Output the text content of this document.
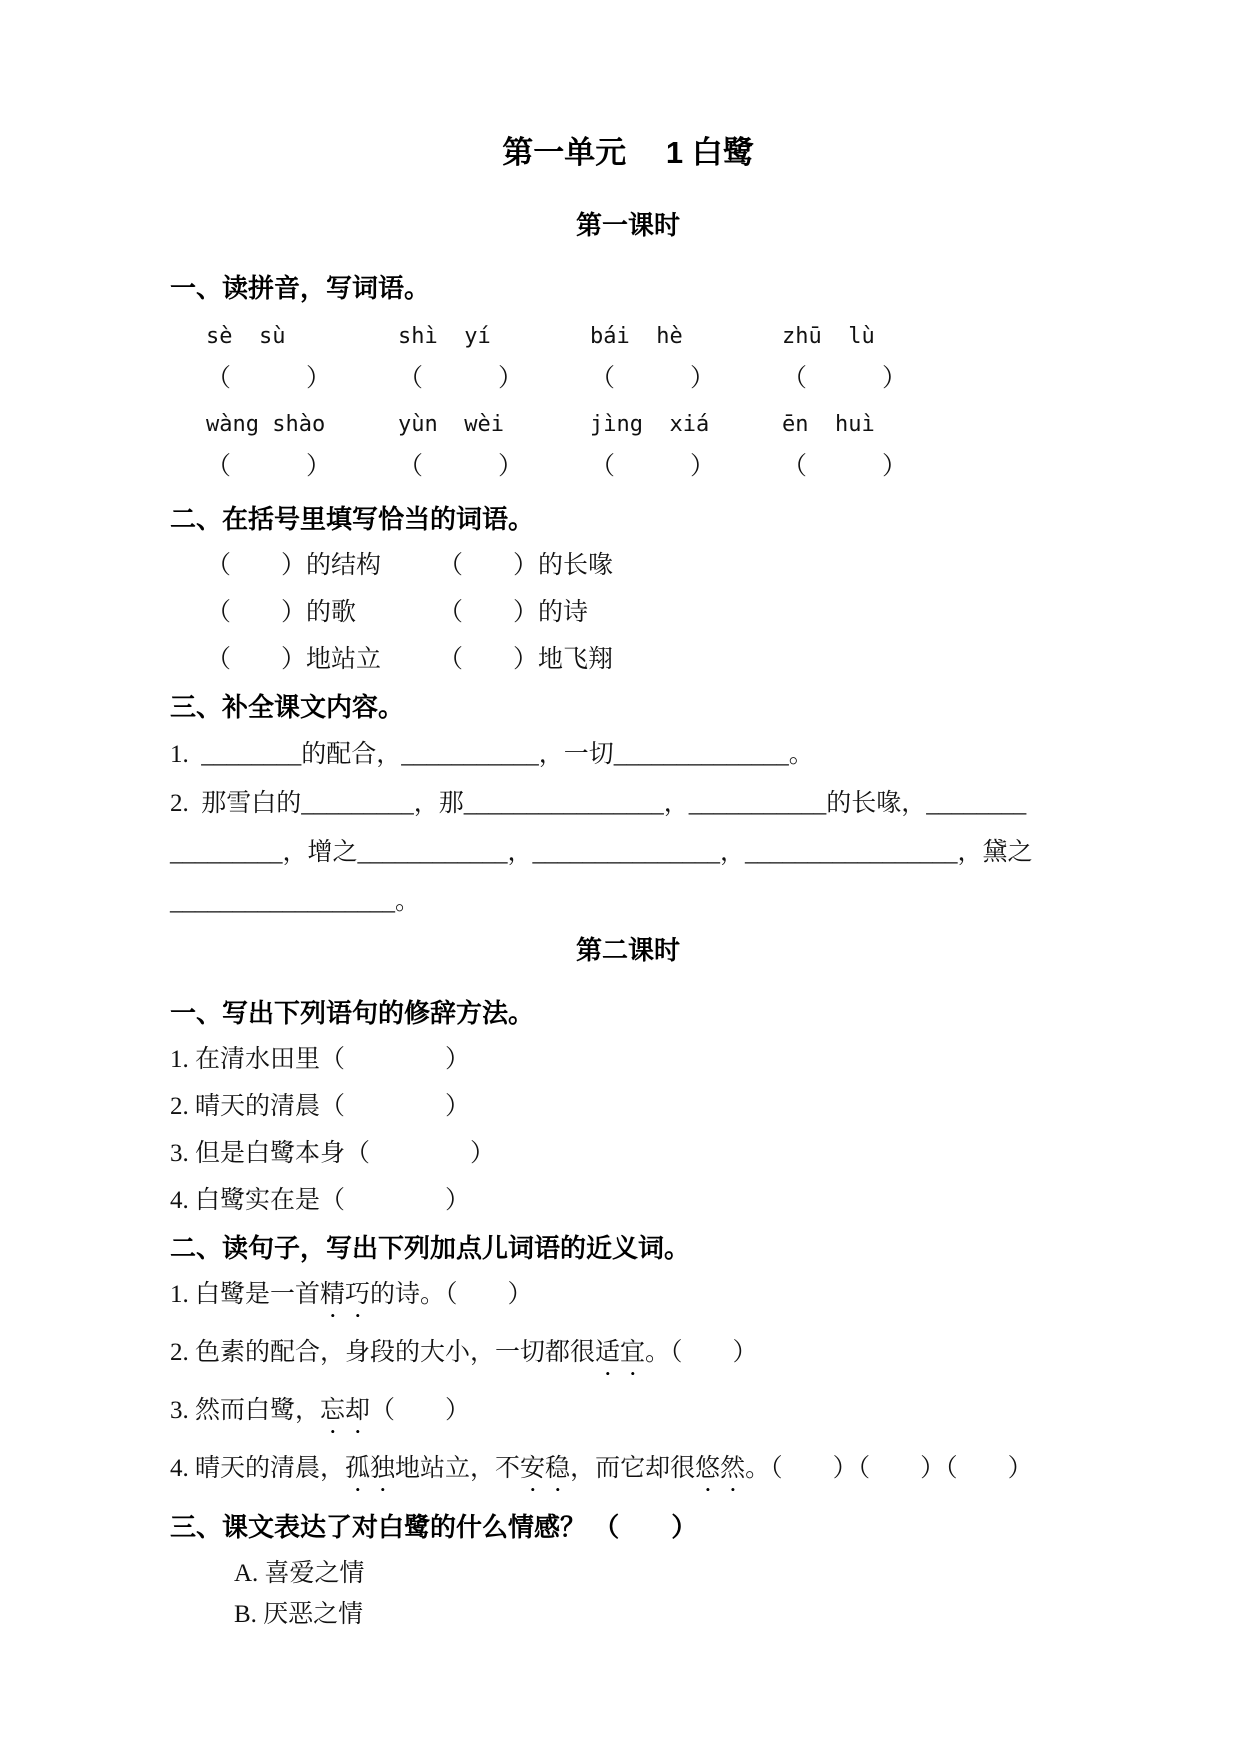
第一单元　 1 白鹭
第一课时
一、读拼音，写词语。
sè  sù	shì  yí	bái  hè	zhū  lù
（　　　）	（　　　）	（　　　）	（　　　）
wàng shào	yùn  wèi	jìng  xiá	ēn  huì
（　　　）	（　　　）	（　　　）	（　　　）
二、在括号里填写恰当的词语。
（　　）的结构	（　　）的长喙
（　　）的歌	（　　）的诗
（　　）地站立	（　　）地飞翔
三、补全课文内容。

1.  ________的配合，___________，一切______________。

2.  那雪白的_________，那________________，___________的长喙，________

_________，增之____________，_______________，_________________，黛之

__________________。

第二课时
一、写出下列语句的修辞方法。

1. 在清水田里（　　　　）

2. 晴天的清晨（　　　　）

3. 但是白鹭本身（　　　　）

4. 白鹭实在是（　　　　）

二、读句子，写出下列加点儿词语的近义词。

1. 白鹭是一首精巧的诗。（　　）

2. 色素的配合，身段的大小，一切都很适宜。（　　）

3. 然而白鹭，忘却（　　）

4. 晴天的清晨，孤独地站立，不安稳，而它却很悠然。（　　）（　　）（　　）

三、课文表达了对白鹭的什么情感？ （　　）

A. 喜爱之情

B. 厌恶之情
